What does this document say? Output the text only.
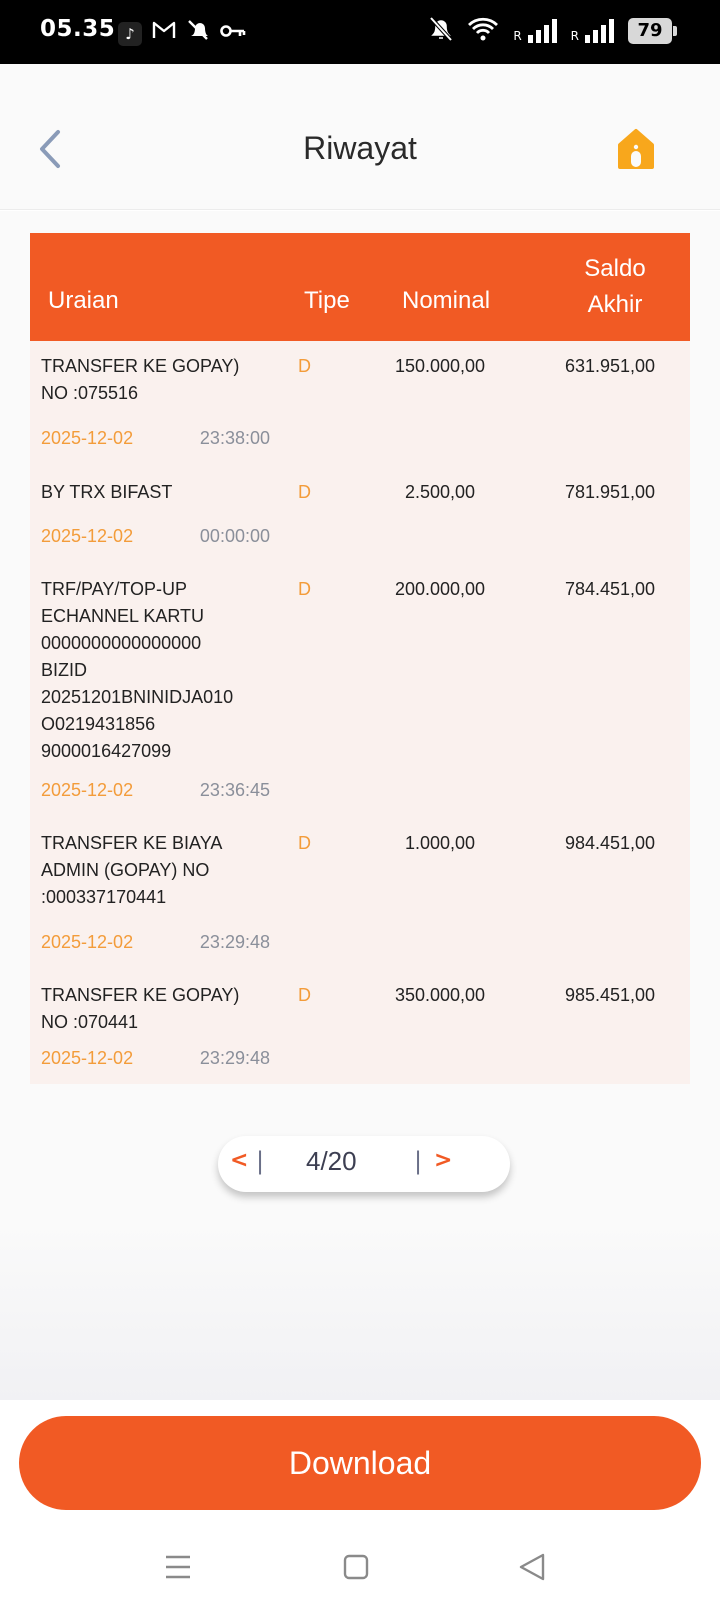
05.35 ♪	R	R	79
Riwayat
Uraian	Tipe Nominal
Saldo
Akhir
TRANSFER KE GOPAY)
NO :075516
D	150.000,00	631.951,00
2025-12-02	23:38:00
BY TRX BIFAST	D	2.500,00	781.951,00
2025-12-02	00:00:00
TRF/PAY/TOP-UP
ECHANNEL KARTU
0000000000000000
BIZID
20251201BNINIDJA010
O0219431856
9000016427099
D	200.000,00	784.451,00
2025-12-02	23:36:45
TRANSFER KE BIAYA
ADMIN (GOPAY) NO
:000337170441
D	1.000,00	984.451,00
2025-12-02	23:29:48
TRANSFER KE GOPAY)
NO :070441
D	350.000,00	985.451,00
2025-12-02	23:29:48
< | 4/20 | >
Download
